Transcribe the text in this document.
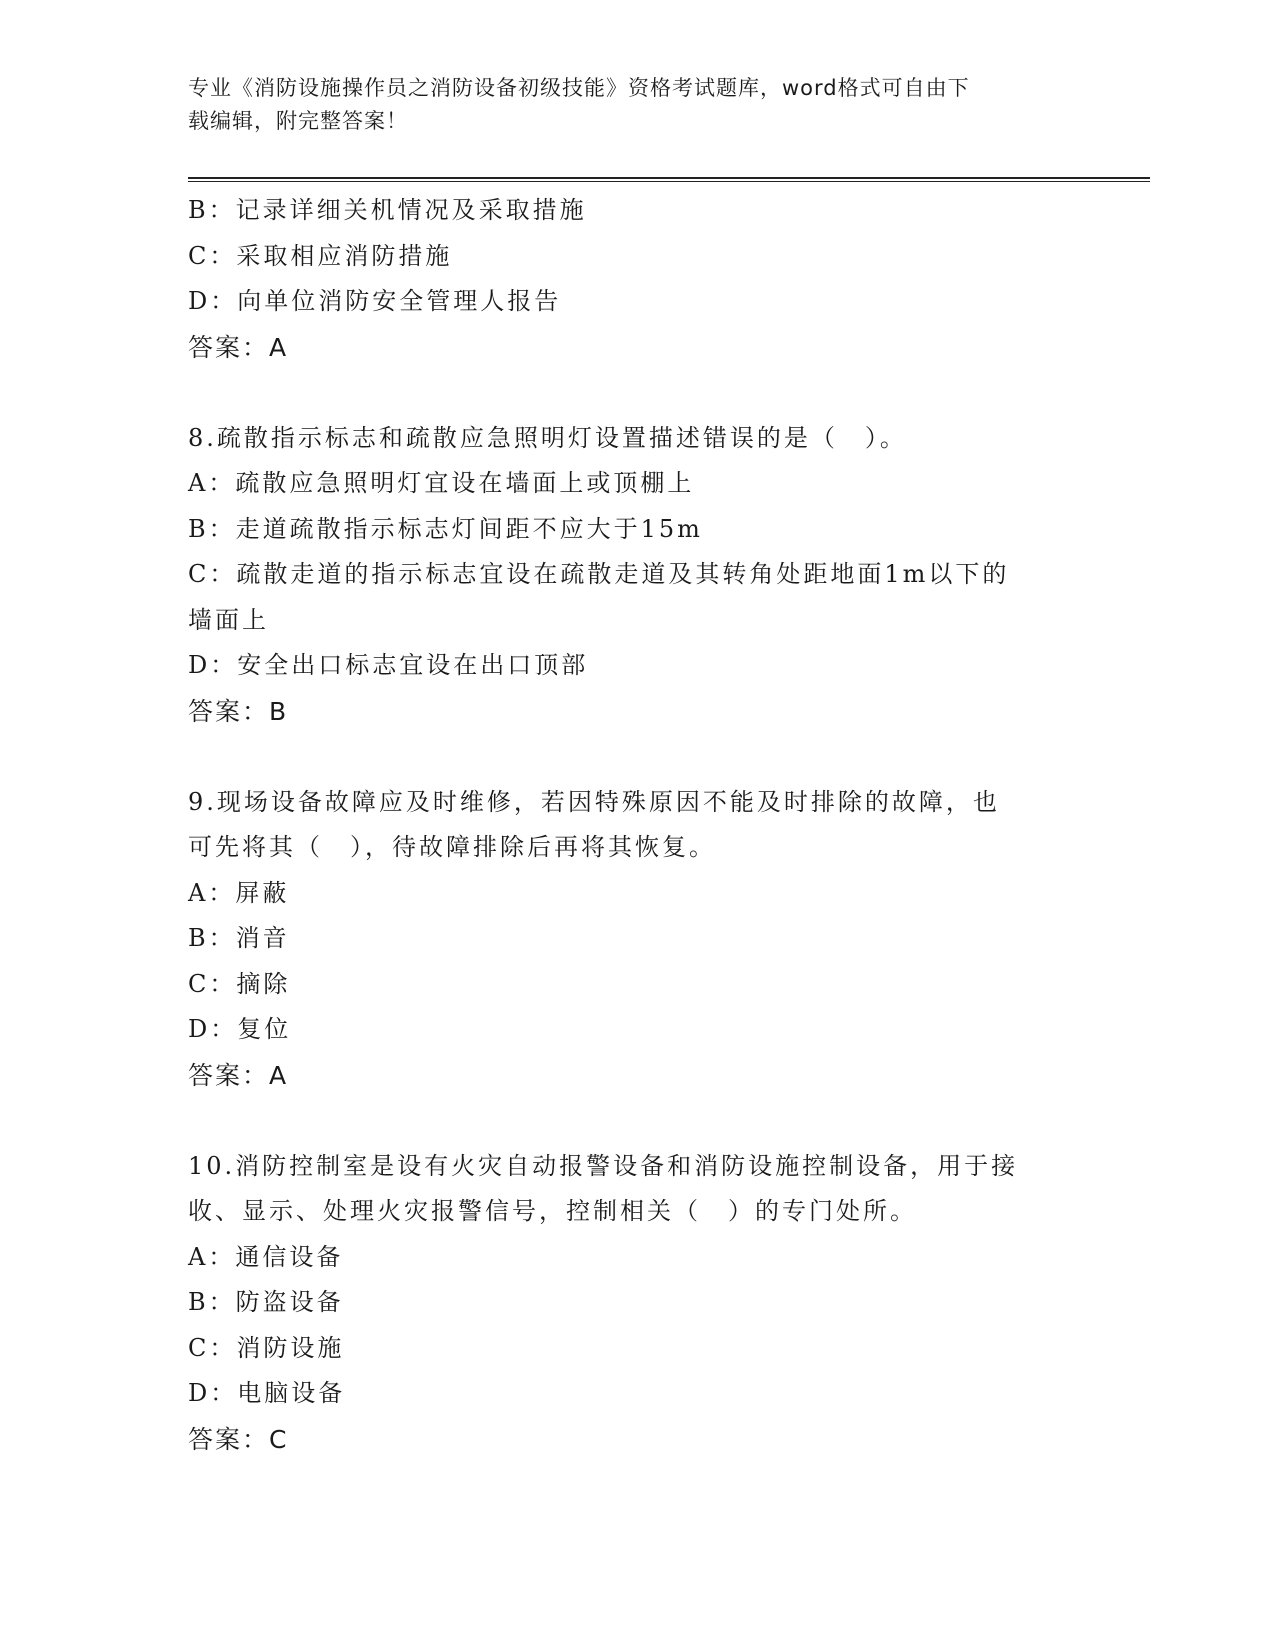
专业《消防设施操作员之消防设备初级技能》资格考试题库，word格式可自由下
载编辑，附完整答案！

B：记录详细关机情况及采取措施

C：采取相应消防措施

D：向单位消防安全管理人报告

答案：A

8.疏散指示标志和疏散应急照明灯设置描述错误的是（　）。

A：疏散应急照明灯宜设在墙面上或顶棚上

B：走道疏散指示标志灯间距不应大于15m

C：疏散走道的指示标志宜设在疏散走道及其转角处距地面1m以下的

墙面上

D：安全出口标志宜设在出口顶部

答案：B

9.现场设备故障应及时维修，若因特殊原因不能及时排除的故障，也

可先将其（　），待故障排除后再将其恢复。

A：屏蔽

B：消音

C：摘除

D：复位

答案：A

10.消防控制室是设有火灾自动报警设备和消防设施控制设备，用于接

收、显示、处理火灾报警信号，控制相关（　）的专门处所。

A：通信设备

B：防盗设备

C：消防设施

D：电脑设备

答案：C
